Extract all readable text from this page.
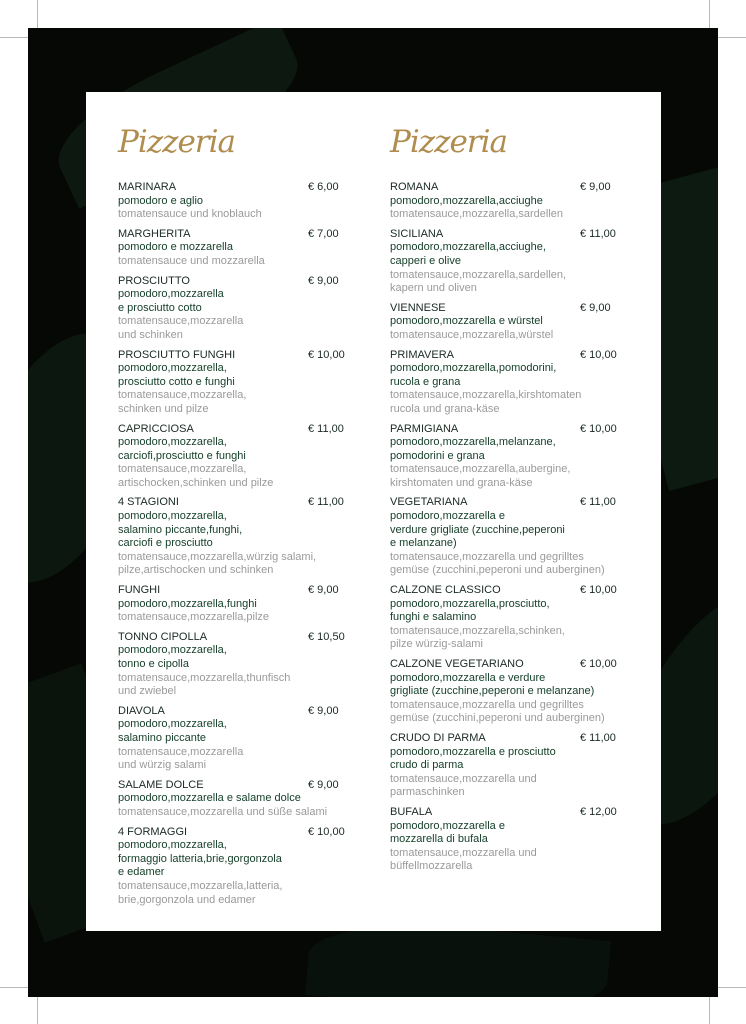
Pizzeria
MARINARA	€ 6,00
pomodoro e aglio
tomatensauce und knoblauch
MARGHERITA	€ 7,00
pomodoro e mozzarella
tomatensauce und mozzarella
PROSCIUTTO	€ 9,00
pomodoro,mozzarella
e prosciutto cotto
tomatensauce,mozzarella
und schinken
PROSCIUTTO FUNGHI	€ 10,00
pomodoro,mozzarella,
prosciutto cotto e funghi
tomatensauce,mozzarella,
schinken und pilze
CAPRICCIOSA	€ 11,00
pomodoro,mozzarella,
carciofi,prosciutto e funghi
tomatensauce,mozzarella,
artischocken,schinken und pilze
4 STAGIONI	€ 11,00
pomodoro,mozzarella,
salamino piccante,funghi,
carciofi e prosciutto
tomatensauce,mozzarella,würzig salami,
pilze,artischocken und schinken
FUNGHI	€ 9,00
pomodoro,mozzarella,funghi
tomatensauce,mozzarella,pilze
TONNO CIPOLLA	€ 10,50
pomodoro,mozzarella,
tonno e cipolla
tomatensauce,mozzarella,thunfisch
und zwiebel
DIAVOLA	€ 9,00
pomodoro,mozzarella,
salamino piccante
tomatensauce,mozzarella
und würzig salami
SALAME DOLCE	€ 9,00
pomodoro,mozzarella e salame dolce
tomatensauce,mozzarella und süße salami
4 FORMAGGI	€ 10,00
pomodoro,mozzarella,
formaggio latteria,brie,gorgonzola
e edamer
tomatensauce,mozzarella,latteria,
brie,gorgonzola und edamer
Pizzeria
ROMANA	€ 9,00
pomodoro,mozzarella,acciughe
tomatensauce,mozzarella,sardellen
SICILIANA	€ 11,00
pomodoro,mozzarella,acciughe,
capperi e olive
tomatensauce,mozzarella,sardellen,
kapern und oliven
VIENNESE	€ 9,00
pomodoro,mozzarella e würstel
tomatensauce,mozzarella,würstel
PRIMAVERA	€ 10,00
pomodoro,mozzarella,pomodorini,
rucola e grana
tomatensauce,mozzarella,kirshtomaten
rucola und grana-käse
PARMIGIANA	€ 10,00
pomodoro,mozzarella,melanzane,
pomodorini e grana
tomatensauce,mozzarella,aubergine,
kirshtomaten und grana-käse
VEGETARIANA	€ 11,00
pomodoro,mozzarella e
verdure grigliate (zucchine,peperoni
e melanzane)
tomatensauce,mozzarella und gegrilltes
gemüse (zucchini,peperoni und auberginen)
CALZONE CLASSICO	€ 10,00
pomodoro,mozzarella,prosciutto,
funghi e salamino
tomatensauce,mozzarella,schinken,
pilze würzig-salami
CALZONE VEGETARIANO	€ 10,00
pomodoro,mozzarella e verdure
grigliate (zucchine,peperoni e melanzane)
tomatensauce,mozzarella und gegrilltes
gemüse (zucchini,peperoni und auberginen)
CRUDO DI PARMA	€ 11,00
pomodoro,mozzarella e prosciutto
crudo di parma
tomatensauce,mozzarella und
parmaschinken
BUFALA	€ 12,00
pomodoro,mozzarella e
mozzarella di bufala
tomatensauce,mozzarella und
büffellmozzarella
